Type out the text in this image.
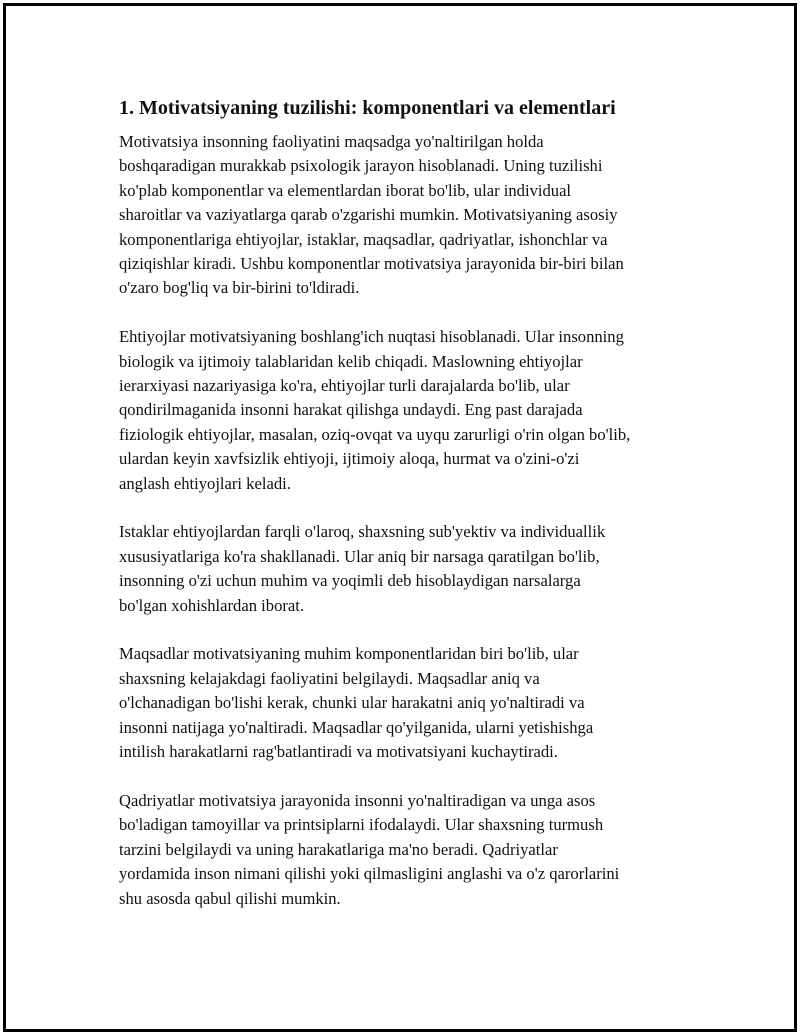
1. Motivatsiyaning tuzilishi: komponentlari va elementlari
Motivatsiya insonning faoliyatini maqsadga yo'naltirilgan holda
boshqaradigan murakkab psixologik jarayon hisoblanadi. Uning tuzilishi
ko'plab komponentlar va elementlardan iborat bo'lib, ular individual
sharoitlar va vaziyatlarga qarab o'zgarishi mumkin. Motivatsiyaning asosiy
komponentlariga ehtiyojlar, istaklar, maqsadlar, qadriyatlar, ishonchlar va
qiziqishlar kiradi. Ushbu komponentlar motivatsiya jarayonida bir-biri bilan
o'zaro bog'liq va bir-birini to'ldiradi.
Ehtiyojlar motivatsiyaning boshlang'ich nuqtasi hisoblanadi. Ular insonning
biologik va ijtimoiy talablaridan kelib chiqadi. Maslowning ehtiyojlar
ierarxiyasi nazariyasiga ko'ra, ehtiyojlar turli darajalarda bo'lib, ular
qondirilmaganida insonni harakat qilishga undaydi. Eng past darajada
fiziologik ehtiyojlar, masalan, oziq-ovqat va uyqu zarurligi o'rin olgan bo'lib,
ulardan keyin xavfsizlik ehtiyoji, ijtimoiy aloqa, hurmat va o'zini-o'zi
anglash ehtiyojlari keladi.
Istaklar ehtiyojlardan farqli o'laroq, shaxsning sub'yektiv va individuallik
xususiyatlariga ko'ra shakllanadi. Ular aniq bir narsaga qaratilgan bo'lib,
insonning o'zi uchun muhim va yoqimli deb hisoblaydigan narsalarga
bo'lgan xohishlardan iborat.
Maqsadlar motivatsiyaning muhim komponentlaridan biri bo'lib, ular
shaxsning kelajakdagi faoliyatini belgilaydi. Maqsadlar aniq va
o'lchanadigan bo'lishi kerak, chunki ular harakatni aniq yo'naltiradi va
insonni natijaga yo'naltiradi. Maqsadlar qo'yilganida, ularni yetishishga
intilish harakatlarni rag'batlantiradi va motivatsiyani kuchaytiradi.
Qadriyatlar motivatsiya jarayonida insonni yo'naltiradigan va unga asos
bo'ladigan tamoyillar va printsiplarni ifodalaydi. Ular shaxsning turmush
tarzini belgilaydi va uning harakatlariga ma'no beradi. Qadriyatlar
yordamida inson nimani qilishi yoki qilmasligini anglashi va o'z qarorlarini
shu asosda qabul qilishi mumkin.
